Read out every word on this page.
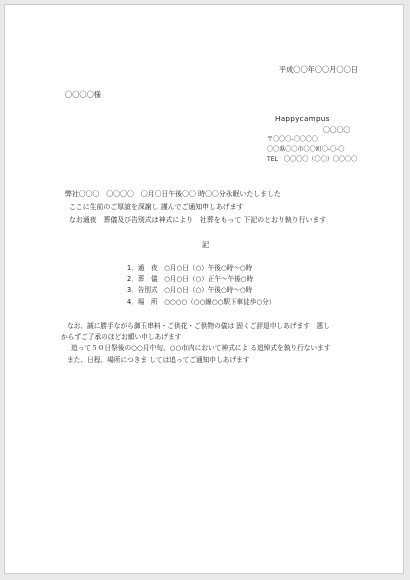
平成〇〇年〇〇月〇〇日
〇〇〇〇様
Happycampus
〇〇〇〇
〒〇〇〇-〇〇〇〇
〇〇県〇〇市〇〇町〇-〇-〇
TEL　〇〇〇〇（〇〇）〇〇〇〇
弊社〇〇〇　〇〇〇〇　〇月〇日午後〇〇 時〇〇分永眠いたしました
ここに生前のご厚誼を深謝し 謹んでご通知申しあげます
なお通夜　葬儀及び告別式は神式により　社葬をもって 下記のとおり執り行います
記
1．通　夜　○月○日（○）午後○時～○時
2．葬　儀　○月○日（○）正午～午後○時
3．告別式　○月○日（○）午後○時～○時
4．場　所　○○○○（○○線○○駅下車徒歩○分）
なお、誠に勝手ながら御玉串料・ご供花・ご供物の儀は 固くご辞退申しあげます　悪し
からずご了承のほどお願い申しあげます
追って５０日祭後の○○月中旬、○○市内において神式によ る追悼式を執り行ないます
また、日程、場所につきま しては追ってご通知申しあげます
